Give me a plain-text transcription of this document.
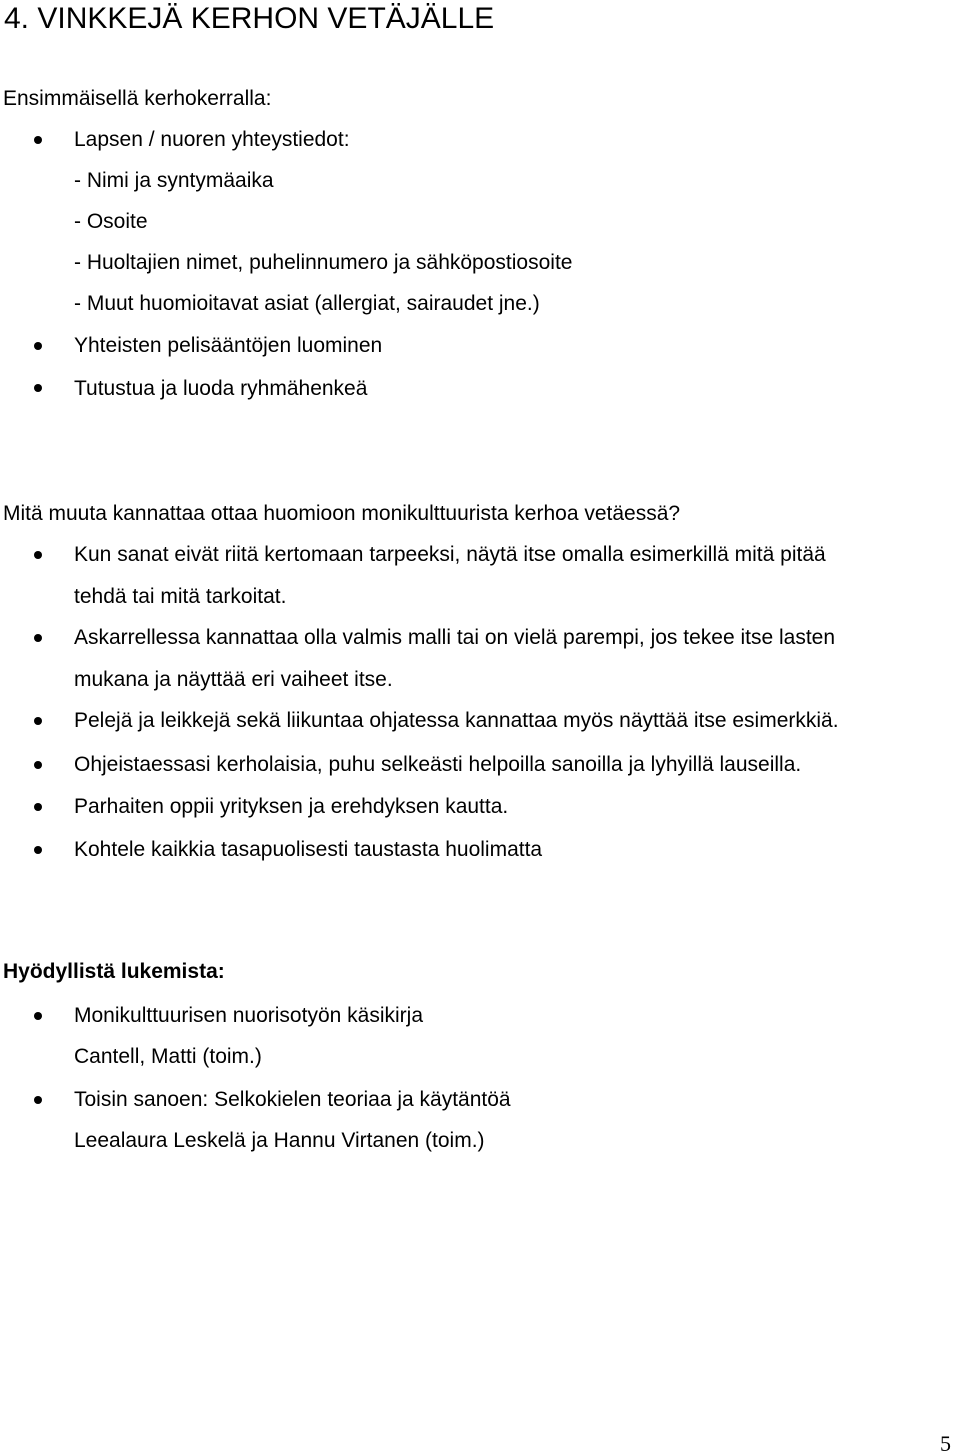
4. VINKKEJÄ KERHON VETÄJÄLLE

Ensimmäisellä kerhokerralla:

Lapsen / nuoren yhteystiedot:

- Nimi ja syntymäaika

- Osoite

- Huoltajien nimet, puhelinnumero ja sähköpostiosoite

- Muut huomioitavat asiat (allergiat, sairaudet jne.)

Yhteisten pelisääntöjen luominen

Tutustua ja luoda ryhmähenkeä

Mitä muuta kannattaa ottaa huomioon monikulttuurista kerhoa vetäessä?

Kun sanat eivät riitä kertomaan tarpeeksi, näytä itse omalla esimerkillä mitä pitää

tehdä tai mitä tarkoitat.

Askarrellessa kannattaa olla valmis malli tai on vielä parempi, jos tekee itse lasten

mukana ja näyttää eri vaiheet itse.

Pelejä ja leikkejä sekä liikuntaa ohjatessa kannattaa myös näyttää itse esimerkkiä.

Ohjeistaessasi kerholaisia, puhu selkeästi helpoilla sanoilla ja lyhyillä lauseilla.

Parhaiten oppii yrityksen ja erehdyksen kautta.

Kohtele kaikkia tasapuolisesti taustasta huolimatta

Hyödyllistä lukemista:

Monikulttuurisen nuorisotyön käsikirja

Cantell, Matti (toim.)

Toisin sanoen: Selkokielen teoriaa ja käytäntöä

Leealaura Leskelä ja Hannu Virtanen (toim.)

5
